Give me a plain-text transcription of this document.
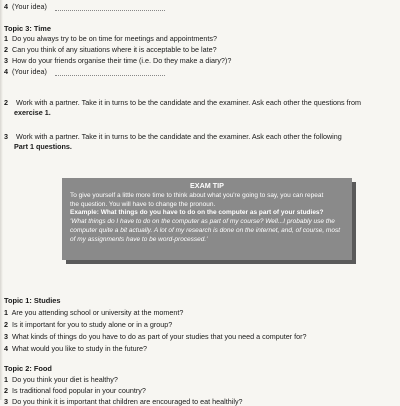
4 (Your idea)
Topic 3: Time
1 Do you always try to be on time for meetings and appointments?
2 Can you think of any situations where it is acceptable to be late?
3 How do your friends organise their time (i.e. Do they make a diary?)?
4 (Your idea)
2 Work with a partner. Take it in turns to be the candidate and the examiner. Ask each other the questions from
exercise 1.
3 Work with a partner. Take it in turns to be the candidate and the examiner. Ask each other the following
Part 1 questions.
EXAM TIP
To give yourself a little more time to think about what you're going to say, you can repeat
the question. You will have to change the pronoun.
Example: What things do you have to do on the computer as part of your studies?
'What things do I have to do on the computer as part of my course? Well...I probably use the
computer quite a bit actually. A lot of my research is done on the internet, and, of course, most
of my assignments have to be word-processed.'
Topic 1: Studies
1 Are you attending school or university at the moment?
2 Is it important for you to study alone or in a group?
3 What kinds of things do you have to do as part of your studies that you need a computer for?
4 What would you like to study in the future?
Topic 2: Food
1 Do you think your diet is healthy?
2 Is traditional food popular in your country?
3 Do you think it is important that children are encouraged to eat healthily?
